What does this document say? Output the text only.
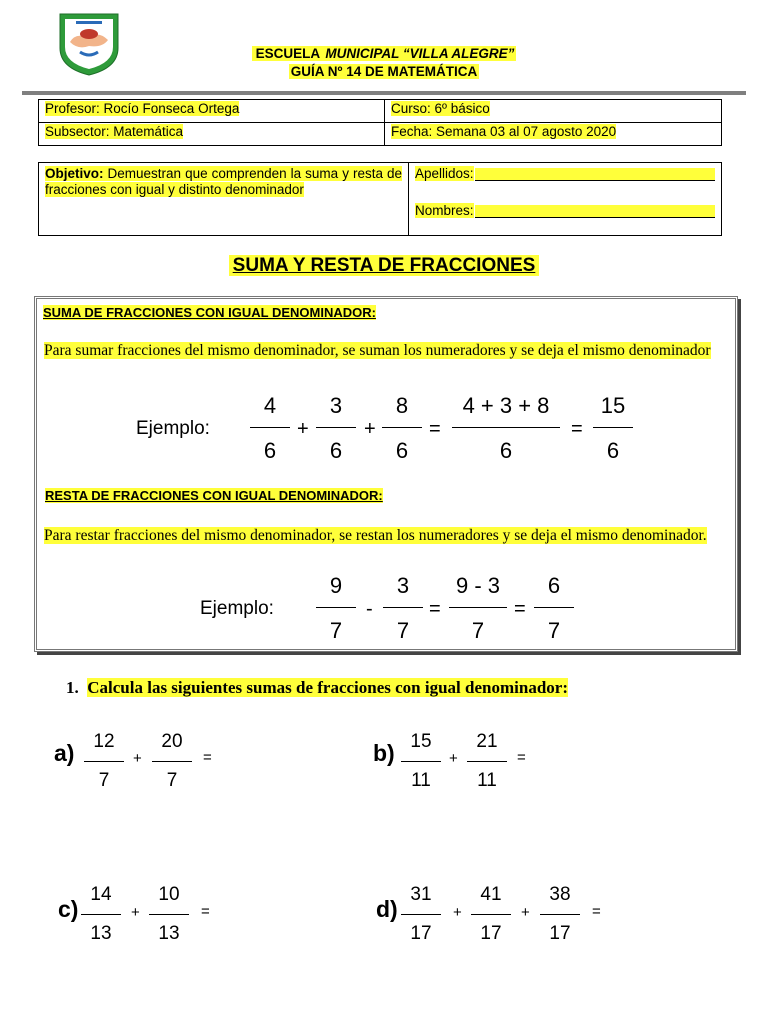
ESCUELA MUNICIPAL “VILLA ALEGRE”
GUÍA Nº 14 DE MATEMÁTICA
Profesor: Rocío Fonseca Ortega	Curso: 6º básico
Subsector: Matemática	Fecha: Semana 03 al 07 agosto 2020
Objetivo: Demuestran que comprenden la suma y resta de fracciones con igual y distinto denominador

Apellidos:
Nombres:
SUMA Y RESTA DE FRACCIONES
SUMA DE FRACCIONES CON IGUAL DENOMINADOR:
Para sumar fracciones del mismo denominador, se suman los numeradores y se deja el mismo denominador
Ejemplo:
4
6
+
3
6
+
8
6
=
4 + 3 + 8
6
=
15
6
RESTA DE FRACCIONES CON IGUAL DENOMINADOR:
Para restar fracciones del mismo denominador, se restan los numeradores y se deja el mismo denominador.
Ejemplo:
9
7
-
3
7
=
9 - 3
7
=
6
7
1. Calcula las siguientes sumas de fracciones con igual denominador:
a) 12
7
+
20
7
=	b) 15
11
+
21
11
=
c)
14
13
+
10
13
=	d)
31
17
+
41
17
+
38
17
=
